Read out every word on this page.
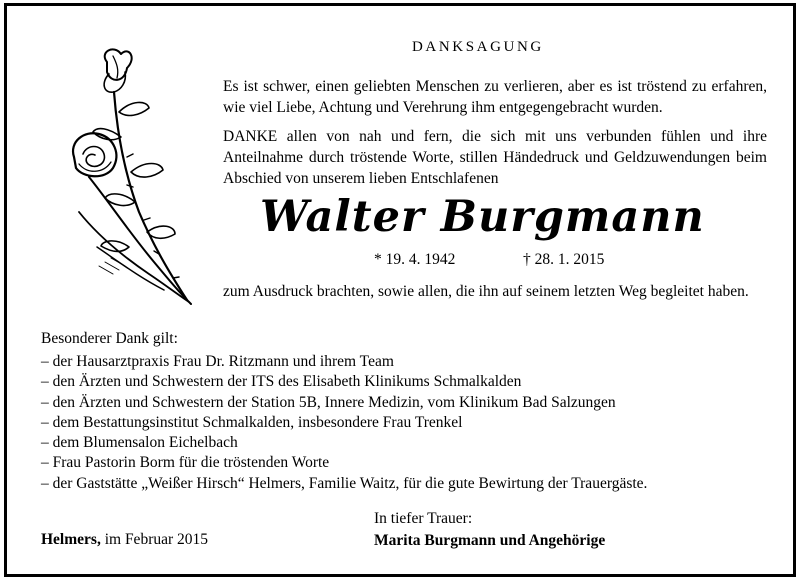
DANKSAGUNG

Es ist schwer, einen geliebten Menschen zu verlieren, aber es ist tröstend zu erfahren, wie viel Liebe, Achtung und Verehrung ihm entgegengebracht wurden.

DANKE allen von nah und fern, die sich mit uns verbunden fühlen und ihre Anteilnahme durch tröstende Worte, stillen Händedruck und Geldzuwendungen beim Abschied von unserem lieben Entschlafenen

Walter Burgmann
* 19. 4. 1942	† 28. 1. 2015

zum Ausdruck brachten, sowie allen, die ihn auf seinem letzten Weg begleitet haben.

Besonderer Dank gilt:
– der Hausarztpraxis Frau Dr. Ritzmann und ihrem Team
– den Ärzten und Schwestern der ITS des Elisabeth Klinikums Schmalkalden
– den Ärzten und Schwestern der Station 5B, Innere Medizin, vom Klinikum Bad Salzungen
– dem Bestattungsinstitut Schmalkalden, insbesondere Frau Trenkel
– dem Blumensalon Eichelbach
– Frau Pastorin Borm für die tröstenden Worte
– der Gaststätte „Weißer Hirsch“ Helmers, Familie Waitz, für die gute Bewirtung der Trauergäste.
Helmers, im Februar 2015
In tiefer Trauer:
Marita Burgmann und Angehörige
